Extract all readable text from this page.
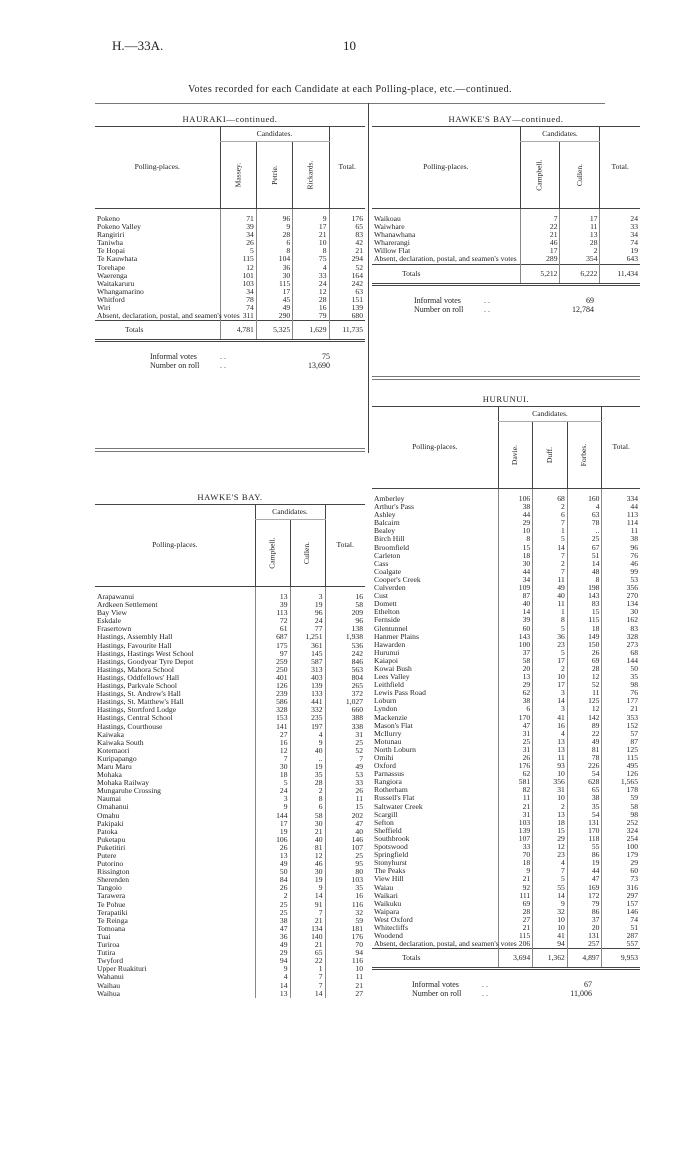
H.—33A.	10
Votes recorded for each Candidate at each Polling-place, etc.—continued.
HAURAKI—continued.				
Polling-places.	Candidates.			Total.
	Massey.	Petrie.	Rickards.	
Pokeno	71	96	9	176
Pokeno Valley	39	9	17	65
Rangiriri	34	28	21	83
Taniwha	26	6	10	42
Te Hopai	5	8	8	21
Te Kauwhata	115	104	75	294
Torehape	12	36	4	52
Waerenga	101	30	33	164
Waitakaruru	103	115	24	242
Whangamarino	34	17	12	63
Whitford	78	45	28	151
Wiri	74	49	16	139
Absent, declaration, postal, and seamen's votes	311	290	79	680
Totals	4,781	5,325	1,629	11,735
Informal votes	. .	75
Number on roll	. .	13,690
HAWKE'S BAY—continued.			
Polling-places.	Candidates.		Total.
	Campbell.	Cullen.	
Waikoau	7	17	24
Waiwhare	22	11	33
Whanawhana	21	13	34
Wharerangi	46	28	74
Willow Flat	17	2	19
Absent, declaration, postal, and seamen's votes	289	354	643
Totals	5,212	6,222	11,434
Informal votes	. .	69
Number on roll	. .	12,784
HAWKE'S BAY.			
Polling-places.	Candidates.		Total.
	Campbell.	Cullen.	
Arapawanui	13	3	16
Ardkeen Settlement	39	19	58
Bay View	113	96	209
Eskdale	72	24	96
Frasertown	61	77	138
Hastings, Assembly Hall	687	1,251	1,938
Hastings, Favourite Hall	175	361	536
Hastings, Hastings West School	97	145	242
Hastings, Goodyear Tyre Depot	259	587	846
Hastings, Mahora School	250	313	563
Hastings, Oddfellows' Hall	401	403	804
Hastings, Parkvale School	126	139	265
Hastings, St. Andrew's Hall	239	133	372
Hastings, St. Matthew's Hall	586	441	1,027
Hastings, Stortford Lodge	328	332	660
Hastings, Central School	153	235	388
Hastings, Courthouse	141	197	338
Kaiwaka	27	4	31
Kaiwaka South	16	9	25
Kotemaori	12	40	52
Kuripapango	7	..	7
Maru Maru	30	19	49
Mohaka	18	35	53
Mohaka Railway	5	28	33
Mungaruhe Crossing	24	2	26
Naumai	3	8	11
Omahanui	9	6	15
Omahu	144	58	202
Pakipaki	17	30	47
Patoka	19	21	40
Puketapu	106	40	146
Puketitiri	26	81	107
Putere	13	12	25
Putorino	49	46	95
Rissington	50	30	80
Sherenden	84	19	103
Tangoio	26	9	35
Tarawera	2	14	16
Te Pohue	25	91	116
Terapatiki	25	7	32
Te Reinga	38	21	59
Tomoana	47	134	181
Tuai	36	140	176
Turiroa	49	21	70
Tutira	29	65	94
Twyford	94	22	116
Upper Ruakituri	9	1	10
Wahanui	4	7	11
Waihau	14	7	21
Waihua	13	14	27
HURUNUI.				
Polling-places.	Candidates.			Total.
	Davie.	Duff.	Forbes.	
Amberley	106	68	160	334
Arthur's Pass	38	2	4	44
Ashley	44	6	63	113
Balcairn	29	7	78	114
Bealey	10	1	..	11
Birch Hill	8	5	25	38
Broomfield	15	14	67	96
Carleton	18	7	51	76
Cass	30	2	14	46
Coalgate	44	7	48	99
Cooper's Creek	34	11	8	53
Culverden	109	49	198	356
Cust	87	40	143	270
Domett	40	11	83	134
Ethelton	14	1	15	30
Fernside	39	8	115	162
Glentunnel	60	5	18	83
Hanmer Plains	143	36	149	328
Hawarden	100	23	150	273
Hurunui	37	5	26	68
Kaiapoi	58	17	69	144
Kowai Bush	20	2	28	50
Lees Valley	13	10	12	35
Leithfield	29	17	52	98
Lewis Pass Road	62	3	11	76
Loburn	38	14	125	177
Lyndon	6	3	12	21
Mackenzie	170	41	142	353
Mason's Flat	47	16	89	152
McIlurry	31	4	22	57
Motunau	25	13	49	87
North Loburn	31	13	81	125
Omihi	26	11	78	115
Oxford	176	93	226	495
Parnassus	62	10	54	126
Rangiora	581	356	628	1,565
Rotherham	82	31	65	178
Russell's Flat	11	10	38	59
Saltwater Creek	21	2	35	58
Scargill	31	13	54	98
Sefton	103	18	131	252
Sheffield	139	15	170	324
Southbrook	107	29	118	254
Spotswood	33	12	55	100
Springfield	70	23	86	179
Stonyhurst	18	4	19	29
The Peaks	9	7	44	60
View Hill	21	5	47	73
Waiau	92	55	169	316
Waikari	111	14	172	297
Waikuku	69	9	79	157
Waipara	28	32	86	146
West Oxford	27	10	37	74
Whitecliffs	21	10	20	51
Woodend	115	41	131	287
Absent, declaration, postal, and seamen's votes	206	94	257	557
Totals	3,694	1,362	4,897	9,953
Informal votes	. .	67
Number on roll	. .	11,006
